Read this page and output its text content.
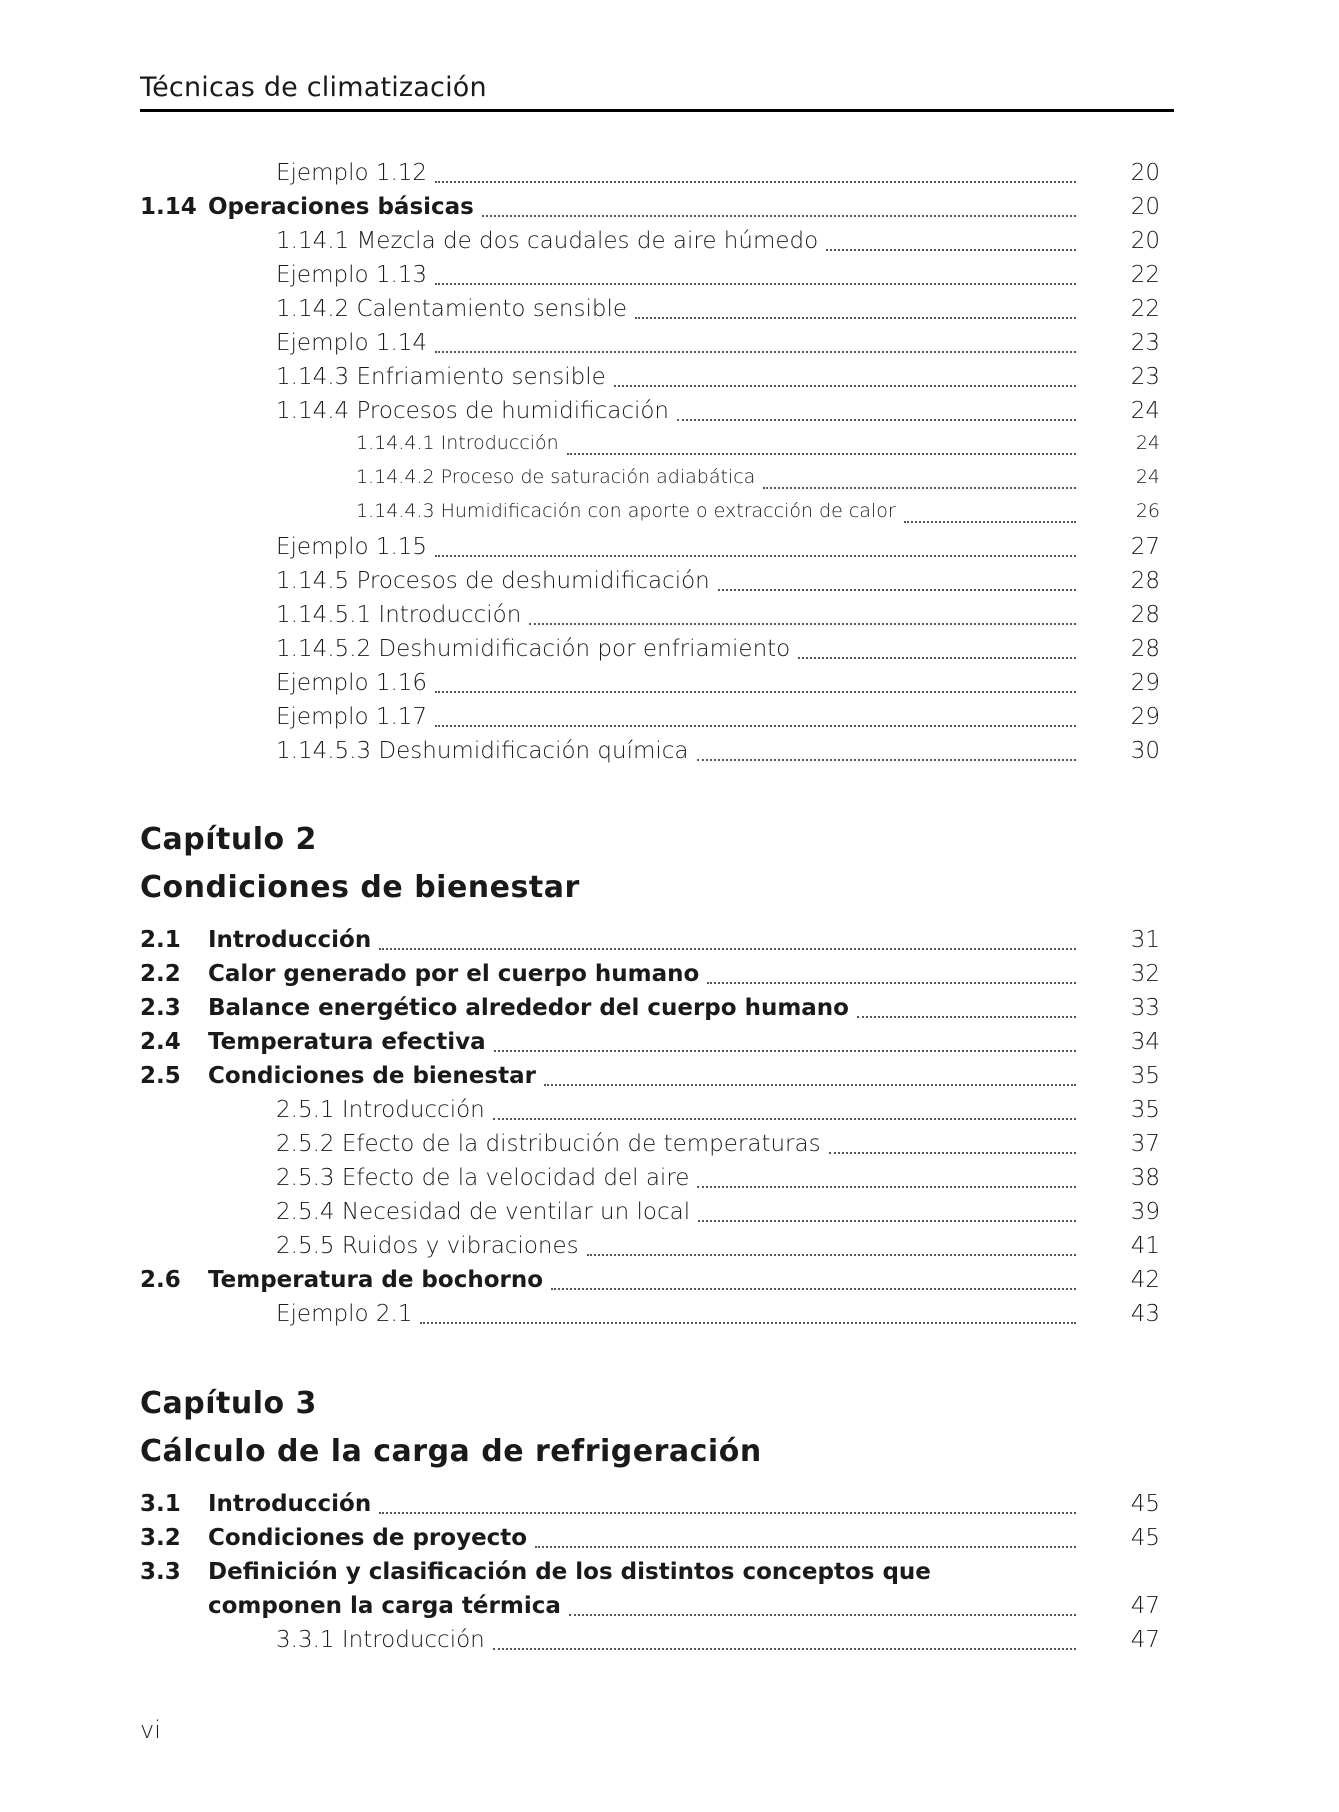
Técnicas de climatización
Ejemplo 1.12	20
1.14 Operaciones básicas	20
1.14.1 Mezcla de dos caudales de aire húmedo	20
Ejemplo 1.13	22
1.14.2 Calentamiento sensible	22
Ejemplo 1.14	23
1.14.3 Enfriamiento sensible	23
1.14.4 Procesos de humidificación	24
1.14.4.1 Introducción	24
1.14.4.2 Proceso de saturación adiabática	24
1.14.4.3 Humidificación con aporte o extracción de calor	26
Ejemplo 1.15	27
1.14.5 Procesos de deshumidificación	28
1.14.5.1 Introducción	28
1.14.5.2 Deshumidificación por enfriamiento	28
Ejemplo 1.16	29
Ejemplo 1.17	29
1.14.5.3 Deshumidificación química	30
Capítulo 2
Condiciones de bienestar
2.1	Introducción	31
2.2	Calor generado por el cuerpo humano	32
2.3	Balance energético alrededor del cuerpo humano	33
2.4	Temperatura efectiva	34
2.5	Condiciones de bienestar	35
2.5.1 Introducción	35
2.5.2 Efecto de la distribución de temperaturas	37
2.5.3 Efecto de la velocidad del aire	38
2.5.4 Necesidad de ventilar un local	39
2.5.5 Ruidos y vibraciones	41
2.6	Temperatura de bochorno	42
Ejemplo 2.1	43
Capítulo 3
Cálculo de la carga de refrigeración
3.1	Introducción	45
3.2	Condiciones de proyecto	45
3.3	Definición y clasificación de los distintos conceptos que
componen la carga térmica	47
3.3.1 Introducción	47
vi
